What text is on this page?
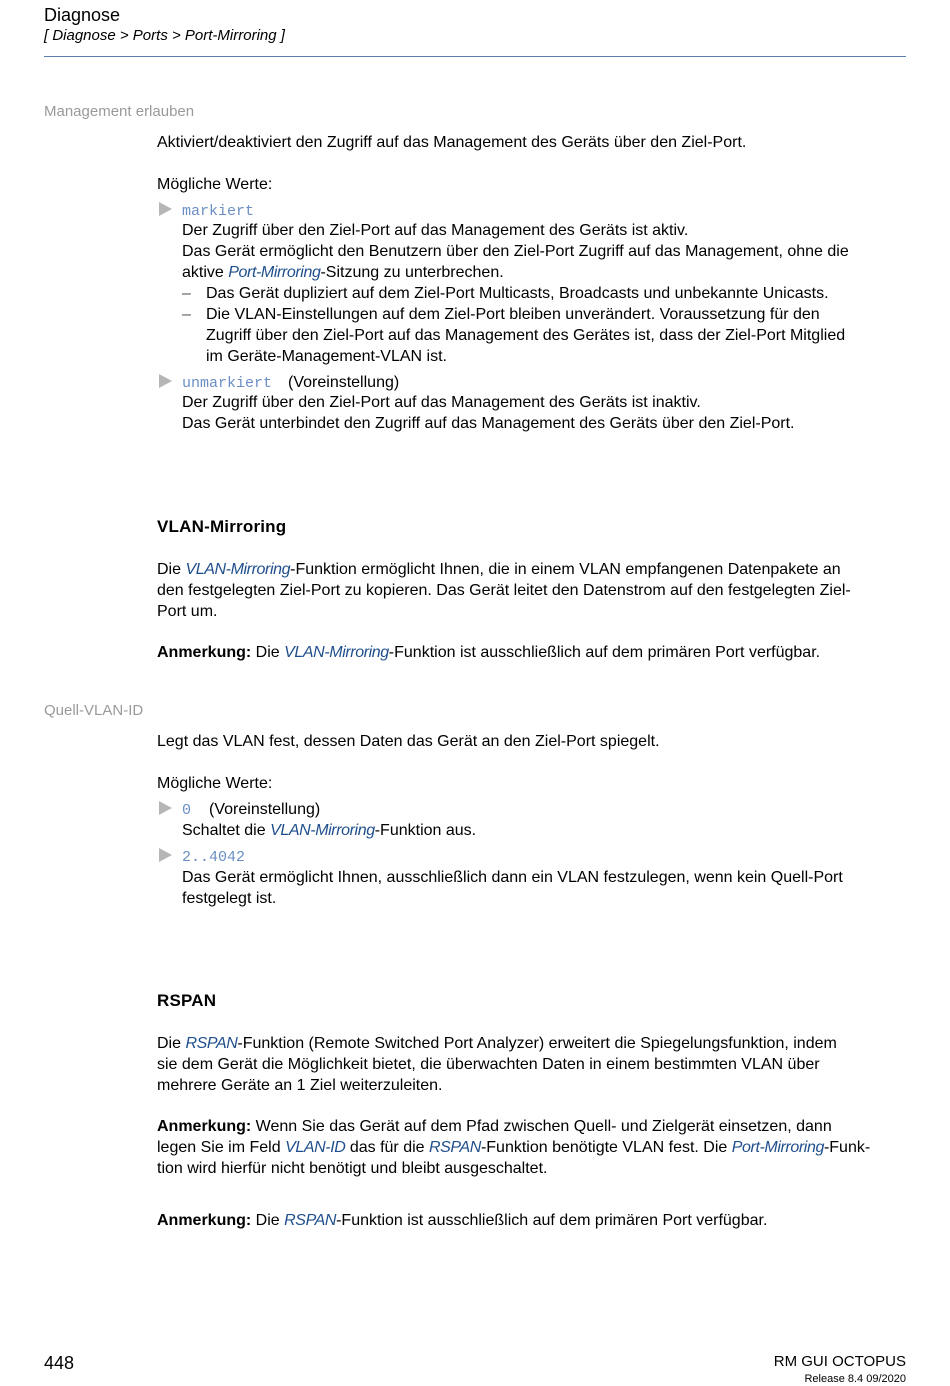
Diagnose
[ Diagnose > Ports > Port-Mirroring ]
Management erlauben
Aktiviert/deaktiviert den Zugriff auf das Management des Geräts über den Ziel-Port.
Mögliche Werte:
markiert
Der Zugriff über den Ziel-Port auf das Management des Geräts ist aktiv.
Das Gerät ermöglicht den Benutzern über den Ziel-Port Zugriff auf das Management, ohne die
aktive Port-Mirroring-Sitzung zu unterbrechen.
– Das Gerät dupliziert auf dem Ziel-Port Multicasts, Broadcasts und unbekannte Unicasts.
– Die VLAN-Einstellungen auf dem Ziel-Port bleiben unverändert. Voraussetzung für den
Zugriff über den Ziel-Port auf das Management des Gerätes ist, dass der Ziel-Port Mitglied
im Geräte-Management-VLAN ist.
unmarkiert (Voreinstellung)
Der Zugriff über den Ziel-Port auf das Management des Geräts ist inaktiv.
Das Gerät unterbindet den Zugriff auf das Management des Geräts über den Ziel-Port.
VLAN-Mirroring
Die VLAN-Mirroring-Funktion ermöglicht Ihnen, die in einem VLAN empfangenen Datenpakete an
den festgelegten Ziel-Port zu kopieren. Das Gerät leitet den Datenstrom auf den festgelegten Ziel-
Port um.
Anmerkung: Die VLAN-Mirroring-Funktion ist ausschließlich auf dem primären Port verfügbar.
Quell-VLAN-ID
Legt das VLAN fest, dessen Daten das Gerät an den Ziel-Port spiegelt.
Mögliche Werte:
0 (Voreinstellung)
Schaltet die VLAN-Mirroring-Funktion aus.
2..4042
Das Gerät ermöglicht Ihnen, ausschließlich dann ein VLAN festzulegen, wenn kein Quell-Port
festgelegt ist.
RSPAN
Die RSPAN-Funktion (Remote Switched Port Analyzer) erweitert die Spiegelungsfunktion, indem
sie dem Gerät die Möglichkeit bietet, die überwachten Daten in einem bestimmten VLAN über
mehrere Geräte an 1 Ziel weiterzuleiten.
Anmerkung: Wenn Sie das Gerät auf dem Pfad zwischen Quell- und Zielgerät einsetzen, dann
legen Sie im Feld VLAN-ID das für die RSPAN-Funktion benötigte VLAN fest. Die Port-Mirroring-Funk-
tion wird hierfür nicht benötigt und bleibt ausgeschaltet.
Anmerkung: Die RSPAN-Funktion ist ausschließlich auf dem primären Port verfügbar.
448	RM GUI OCTOPUS
Release 8.4 09/2020
